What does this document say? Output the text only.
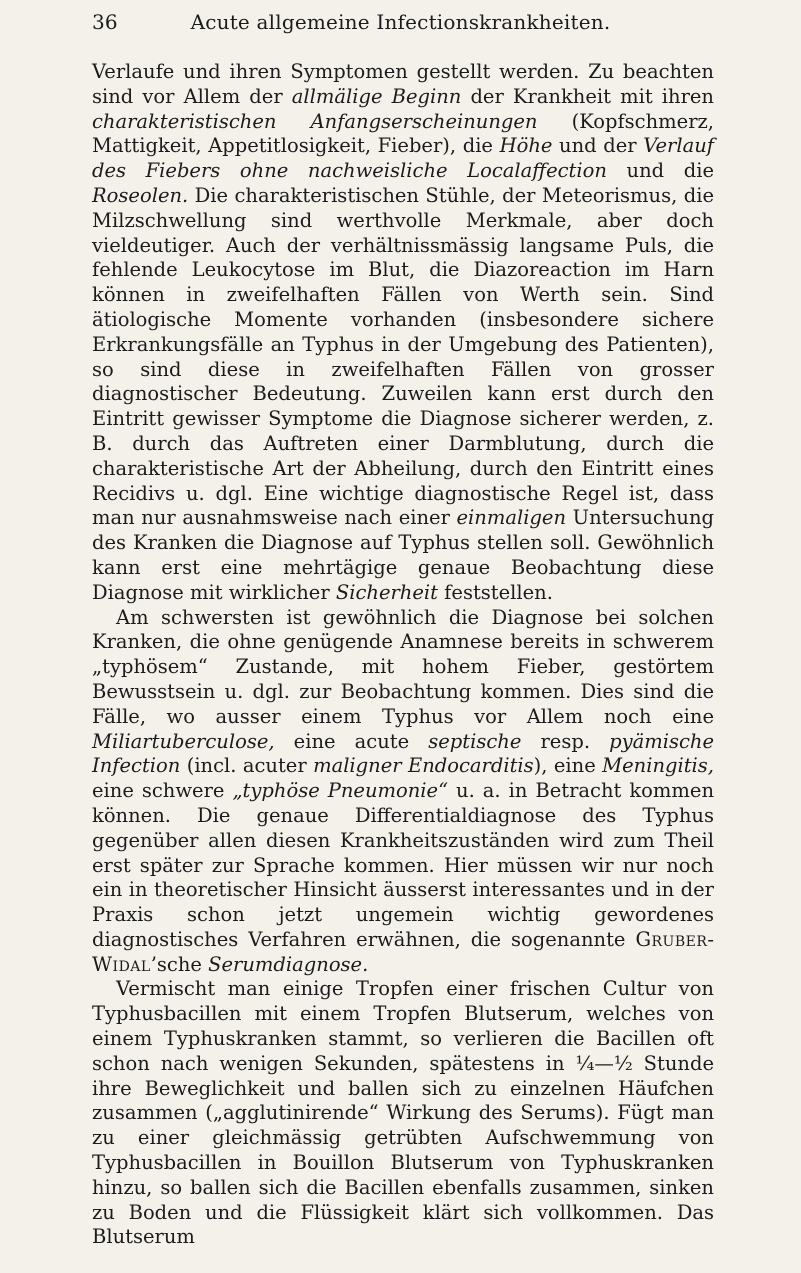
36	Acute allgemeine Infectionskrankheiten.

Verlaufe und ihren Symptomen gestellt werden. Zu beachten sind vor Allem der allmälige Beginn der Krankheit mit ihren charakteristischen Anfangserscheinungen (Kopfschmerz, Mattigkeit, Appetitlosigkeit, Fieber), die Höhe und der Verlauf des Fiebers ohne nachweisliche Localaffection und die Roseolen. Die charakteristischen Stühle, der Meteorismus, die Milzschwellung sind werthvolle Merkmale, aber doch vieldeutiger. Auch der verhältnissmässig langsame Puls, die fehlende Leukocytose im Blut, die Diazoreaction im Harn können in zweifelhaften Fällen von Werth sein. Sind ätiologische Momente vorhanden (insbesondere sichere Erkrankungsfälle an Typhus in der Umgebung des Patienten), so sind diese in zweifelhaften Fällen von grosser diagnostischer Bedeutung. Zuweilen kann erst durch den Eintritt gewisser Symptome die Diagnose sicherer werden, z. B. durch das Auftreten einer Darmblutung, durch die charakteristische Art der Abheilung, durch den Eintritt eines Recidivs u. dgl. Eine wichtige diagnostische Regel ist, dass man nur ausnahmsweise nach einer einmaligen Untersuchung des Kranken die Diagnose auf Typhus stellen soll. Gewöhnlich kann erst eine mehrtägige genaue Beobachtung diese Diagnose mit wirklicher Sicherheit feststellen.

Am schwersten ist gewöhnlich die Diagnose bei solchen Kranken, die ohne genügende Anamnese bereits in schwerem „typhösem“ Zustande, mit hohem Fieber, gestörtem Bewusstsein u. dgl. zur Beobachtung kommen. Dies sind die Fälle, wo ausser einem Typhus vor Allem noch eine Miliartuberculose, eine acute septische resp. pyämische Infection (incl. acuter maligner Endocarditis), eine Meningitis, eine schwere „typhöse Pneumonie“ u. a. in Betracht kommen können. Die genaue Differentialdiagnose des Typhus gegenüber allen diesen Krankheitszuständen wird zum Theil erst später zur Sprache kommen. Hier müssen wir nur noch ein in theoretischer Hinsicht äusserst interessantes und in der Praxis schon jetzt ungemein wichtig gewordenes diagnostisches Verfahren erwähnen, die sogenannte Gruber-Widal’sche Serumdiagnose.

Vermischt man einige Tropfen einer frischen Cultur von Typhusbacillen mit einem Tropfen Blutserum, welches von einem Typhuskranken stammt, so verlieren die Bacillen oft schon nach wenigen Sekunden, spätestens in ¼—½ Stunde ihre Beweglichkeit und ballen sich zu einzelnen Häufchen zusammen („agglutinirende“ Wirkung des Serums). Fügt man zu einer gleichmässig getrübten Aufschwemmung von Typhusbacillen in Bouillon Blutserum von Typhuskranken hinzu, so ballen sich die Bacillen ebenfalls zusammen, sinken zu Boden und die Flüssigkeit klärt sich vollkommen. Das Blutserum
